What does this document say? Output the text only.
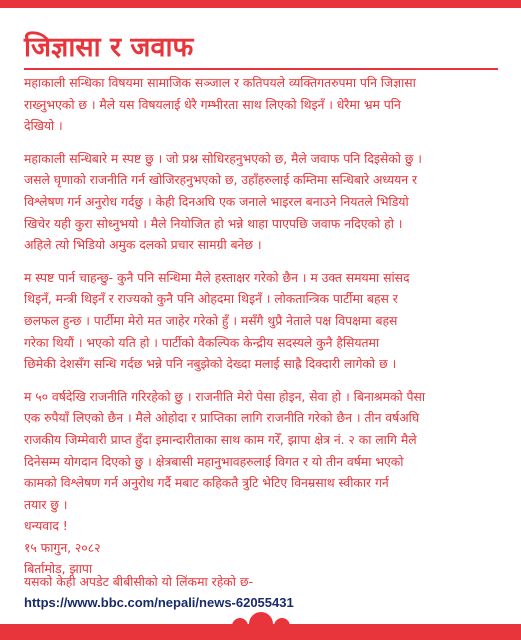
जिज्ञासा र जवाफ
महाकाली सन्धिका विषयमा सामाजिक सञ्जाल र कतिपयले व्यक्तिगतरुपमा पनि जिज्ञासा
राख्नुभएको छ । मैले यस विषयलाई धेरै गम्भीरता साथ लिएको थिइनँ । धेरैमा भ्रम पनि
देखियो ।
महाकाली सन्धिबारे म स्पष्ट छु । जो प्रश्न सोधिरहनुभएको छ, मैले जवाफ पनि दिइसेको छु ।
जसले घृणाको राजनीति गर्न खोजिरहनुभएको छ, उहाँहरुलाई कम्तिमा सन्धिबारे अध्ययन र
विश्लेषण गर्न अनुरोध गर्दछु । केही दिनअघि एक जनाले भाइरल बनाउने नियतले भिडियो
खिचेर यही कुरा सोध्नुभयो । मैले नियोजित हो भन्ने थाहा पाएपछि जवाफ नदिएको हो ।
अहिले त्यो भिडियो अमुक दलको प्रचार सामग्री बनेछ ।
म स्पष्ट पार्न चाहन्छु- कुनै पनि सन्धिमा मैले हस्ताक्षर गरेको छैन । म उक्त समयमा सांसद
थिइनँ, मन्त्री थिइनँ र राज्यको कुनै पनि ओहदमा थिइनँ । लोकतान्त्रिक पार्टीमा बहस र
छलफल हुन्छ । पार्टीमा मेरो मत जाहेर गरेको हुँ । मसँगै थुप्रै नेताले पक्ष विपक्षमा बहस
गरेका थियौं । भएको यति हो । पार्टीको वैकल्पिक केन्द्रीय सदस्यले कुनै हैसियतमा
छिमेकी देशसँग सन्धि गर्दछ भन्ने पनि नबुझेको देख्दा मलाई साह्रै दिक्दारी लागेको छ ।
म ५० वर्षदेखि राजनीति गरिरहेको छु । राजनीति मेरो पेसा होइन, सेवा हो । बिनाश्रमको पैसा
एक रुपैयाँ लिएको छैन । मैले ओहोदा र प्राप्तिका लागि राजनीति गरेको छैन । तीन वर्षअघि
राजकीय जिम्मेवारी प्राप्त हुँदा इमान्दारीताका साथ काम गरेँ, झापा क्षेत्र नं. २ का लागि मैले
दिनेसम्म योगदान दिएको छु । क्षेत्रबासी महानुभावहरुलाई विगत र यो तीन वर्षमा भएको
कामको विश्लेषण गर्न अनुरोध गर्दै मबाट कहिकतै त्रुटि भेटिए विनम्रसाथ स्वीकार गर्न
तयार छु ।
धन्यवाद !
१५ फागुन, २०८२
बिर्तामोड, झापा
यसको केही अपडेट बीबीसीको यो लिंकमा रहेको छ-
https://www.bbc.com/nepali/news-62055431
